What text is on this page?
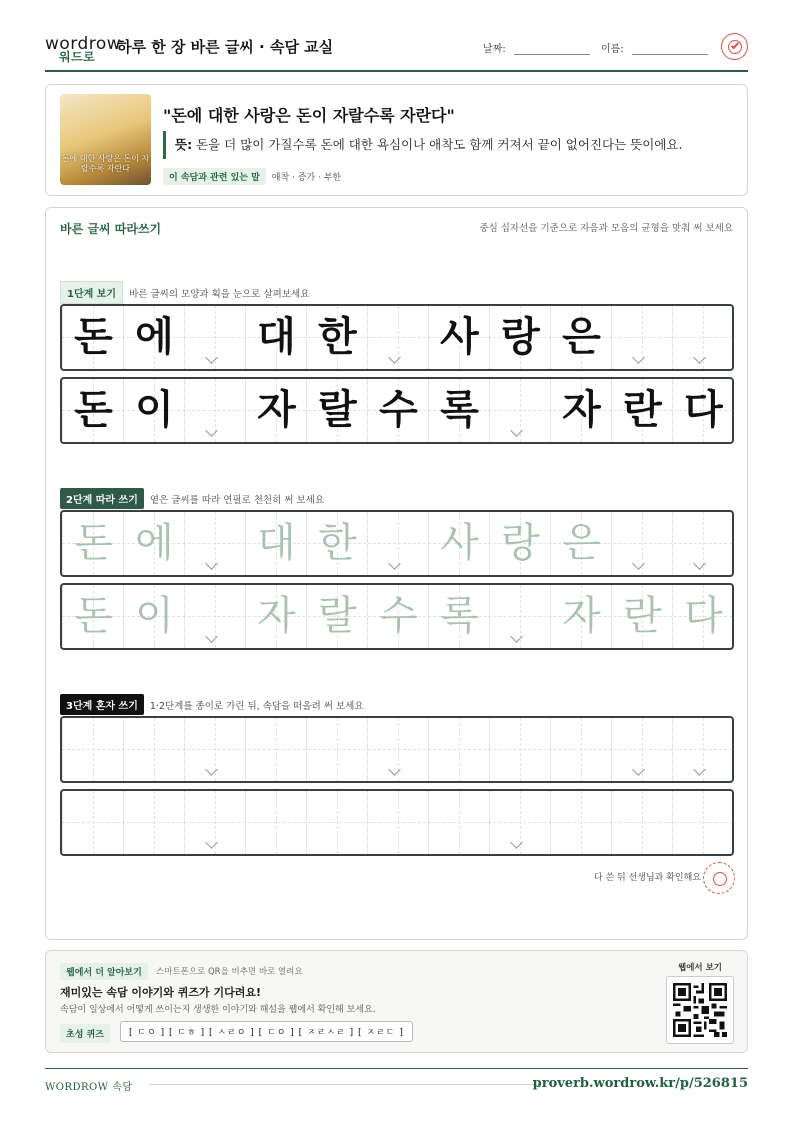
wordrow
워드로
하루 한 장 바른 글씨 · 속담 교실	날짜:	이름:
돈에 대한 사랑은 돈이 자랄수록 자란다
"돈에 대한 사랑은 돈이 자랄수록 자란다"
뜻: 돈을 더 많이 가질수록 돈에 대한 욕심이나 애착도 함께 커져서 끝이 없어진다는 뜻이에요.
이 속담과 관련 있는 말 애착 · 증가 · 부한
바른 글씨 따라쓰기	중심 십자선을 기준으로 자음과 모음의 균형을 맞춰 써 보세요
1단계 보기 바른 글씨의 모양과 획을 눈으로 살펴보세요
돈 에 대 한 사 랑 은
돈 이 자 랄 수 록 자 란 다
2단계 따라 쓰기 옅은 글씨를 따라 연필로 천천히 써 보세요
돈 에 대 한 사 랑 은
돈 이 자 랄 수 록 자 란 다
3단계 혼자 쓰기 1·2단계를 종이로 가린 뒤, 속담을 떠올려 써 보세요
다 쓴 뒤 선생님과 확인해요
웹에서 더 알아보기	스마트폰으로 QR을 비추면 바로 열려요
재미있는 속담 이야기와 퀴즈가 기다려요!
속담이 일상에서 어떻게 쓰이는지 생생한 이야기와 해설을 웹에서 확인해 보세요.
초성 퀴즈	[ ㄷㅇ ] [ ㄷㅎ ] [ ㅅㄹㅇ ] [ ㄷㅇ ] [ ㅈㄹㅅㄹ ] [ ㅈㄹㄷ ]
웹에서 보기
WORDROW 속담	proverb.wordrow.kr/p/526815
